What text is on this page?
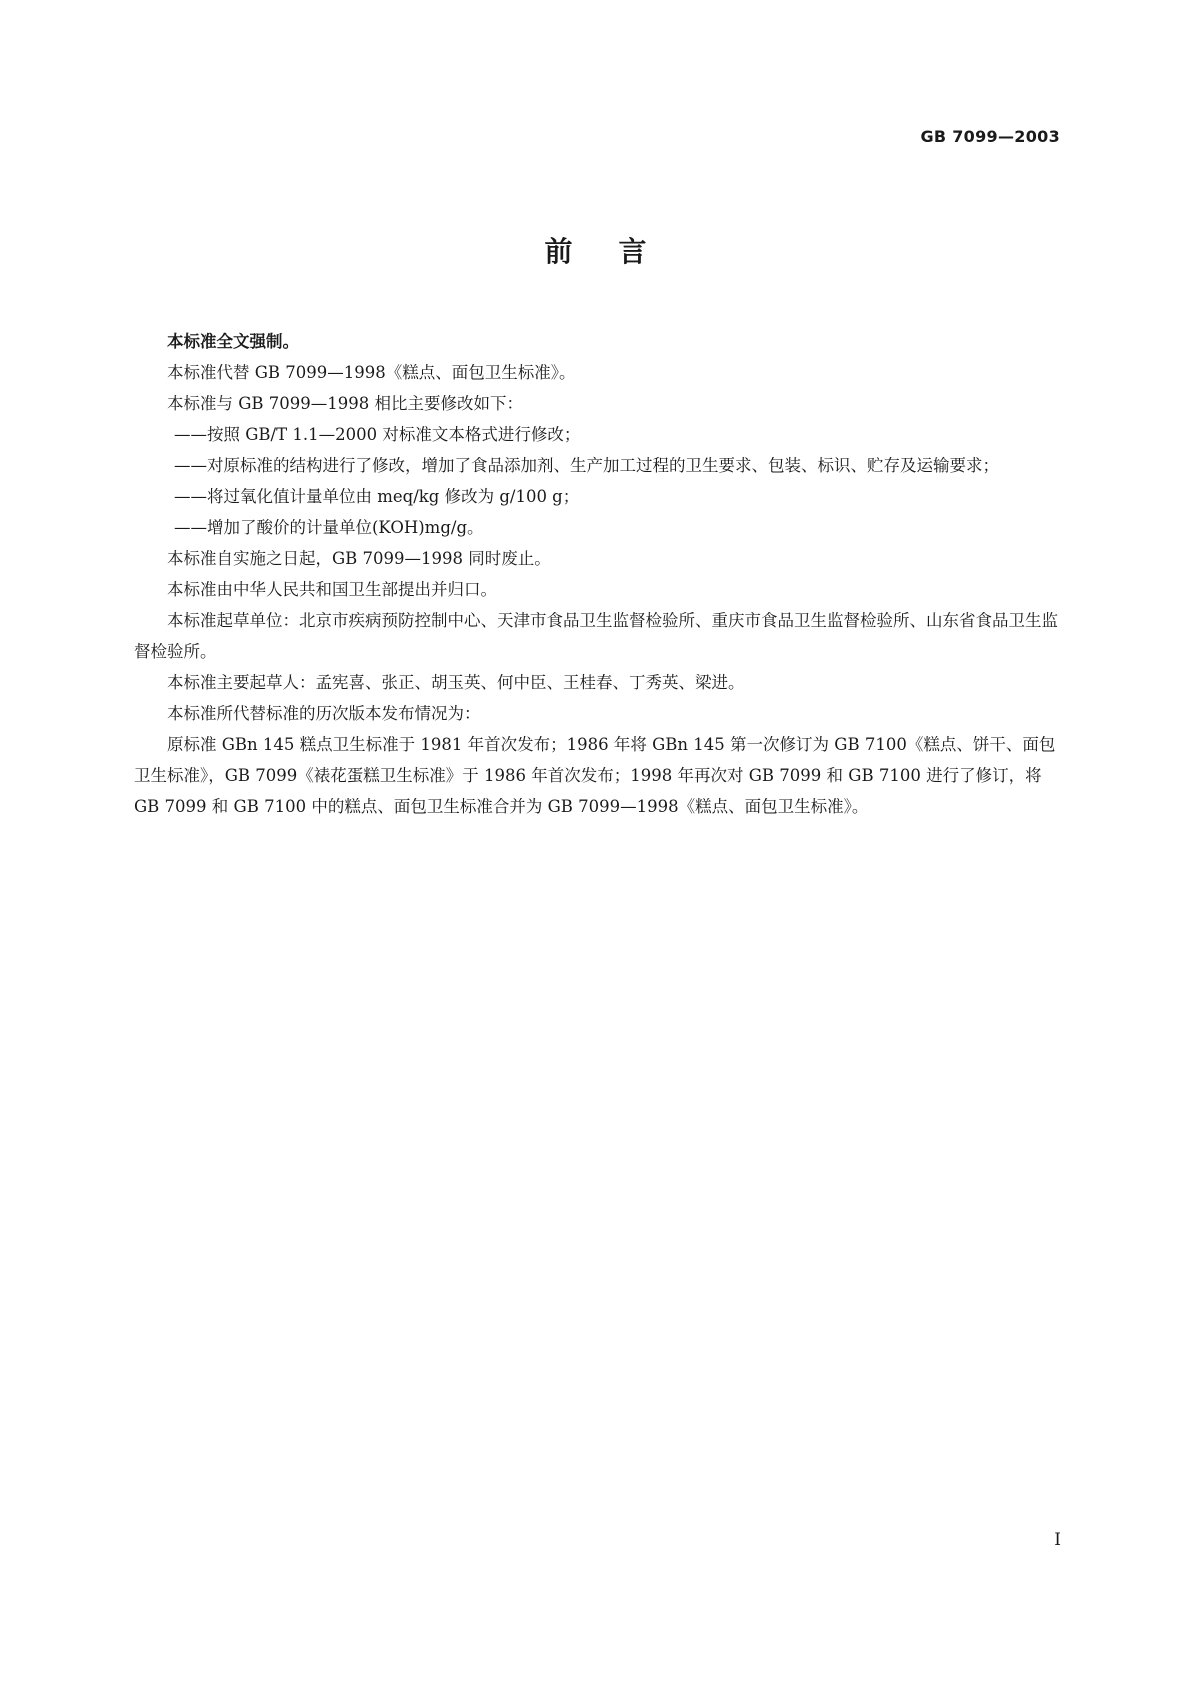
GB 7099—2003
前言

本标准全文强制。

本标准代替 GB 7099—1998《糕点、面包卫生标准》。

本标准与 GB 7099—1998 相比主要修改如下：

——按照 GB/T 1.1—2000 对标准文本格式进行修改；

——对原标准的结构进行了修改，增加了食品添加剂、生产加工过程的卫生要求、包装、标识、贮存及运输要求；

——将过氧化值计量单位由 meq/kg 修改为 g/100 g；

——增加了酸价的计量单位(KOH)mg/g。

本标准自实施之日起，GB 7099—1998 同时废止。

本标准由中华人民共和国卫生部提出并归口。

本标准起草单位：北京市疾病预防控制中心、天津市食品卫生监督检验所、重庆市食品卫生监督检验所、山东省食品卫生监督检验所。

本标准主要起草人：孟宪喜、张正、胡玉英、何中臣、王桂春、丁秀英、梁进。

本标准所代替标准的历次版本发布情况为：

原标准 GBn 145 糕点卫生标准于 1981 年首次发布；1986 年将 GBn 145 第一次修订为 GB 7100《糕点、饼干、面包卫生标准》，GB 7099《裱花蛋糕卫生标准》于 1986 年首次发布；1998 年再次对 GB 7099 和 GB 7100 进行了修订，将 GB 7099 和 GB 7100 中的糕点、面包卫生标准合并为 GB 7099—1998《糕点、面包卫生标准》。

I
